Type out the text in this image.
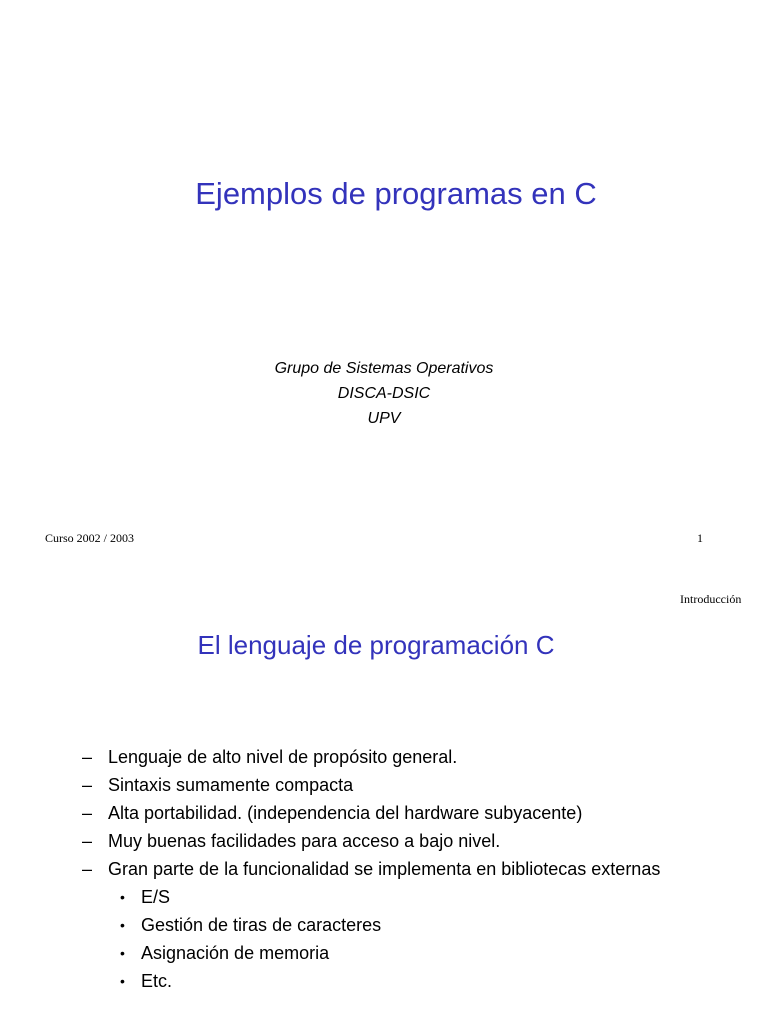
Ejemplos de programas en C
Grupo de Sistemas Operativos
DISCA-DSIC
UPV
Curso 2002 / 2003	1
Introducción
El lenguaje de programación C
– Lenguaje de alto nivel de propósito general.
– Sintaxis sumamente compacta
– Alta portabilidad. (independencia del hardware subyacente)
– Muy buenas facilidades para acceso a bajo nivel.
– Gran parte de la funcionalidad se implementa en bibliotecas externas
• E/S
• Gestión de tiras de caracteres
• Asignación de memoria
• Etc.
